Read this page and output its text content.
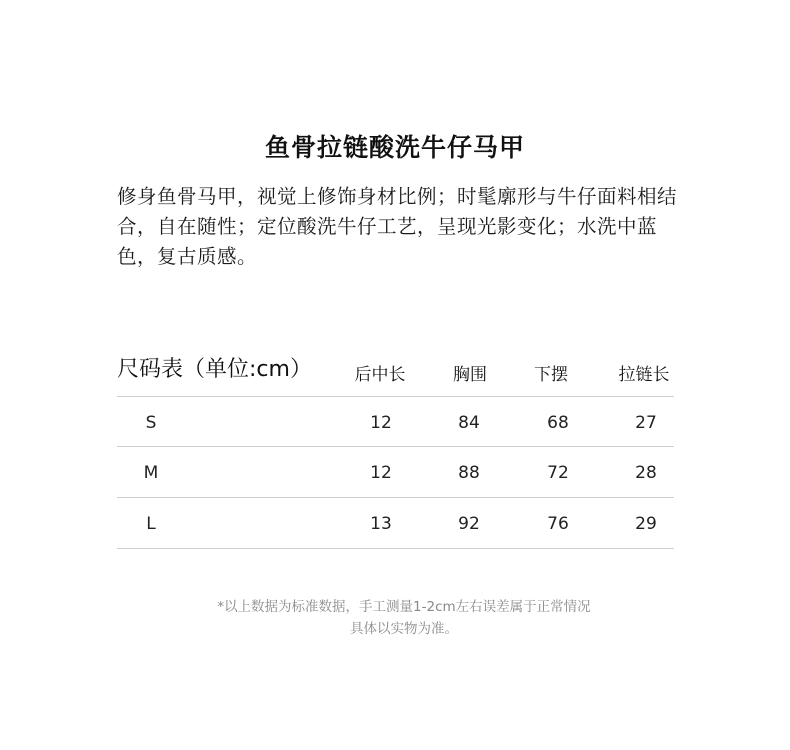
鱼骨拉链酸洗牛仔马甲
修身鱼骨马甲，视觉上修饰身材比例；时髦廓形与牛仔面料相结合，自在随性；定位酸洗牛仔工艺，呈现光影变化；水洗中蓝色，复古质感。
尺码表（单位:cm）	后中长	胸围	下摆	拉链长
S	12	84	68	27
M	12	88	72	28
L	13	92	76	29
*以上数据为标准数据，手工测量1-2cm左右误差属于正常情况
具体以实物为准。
